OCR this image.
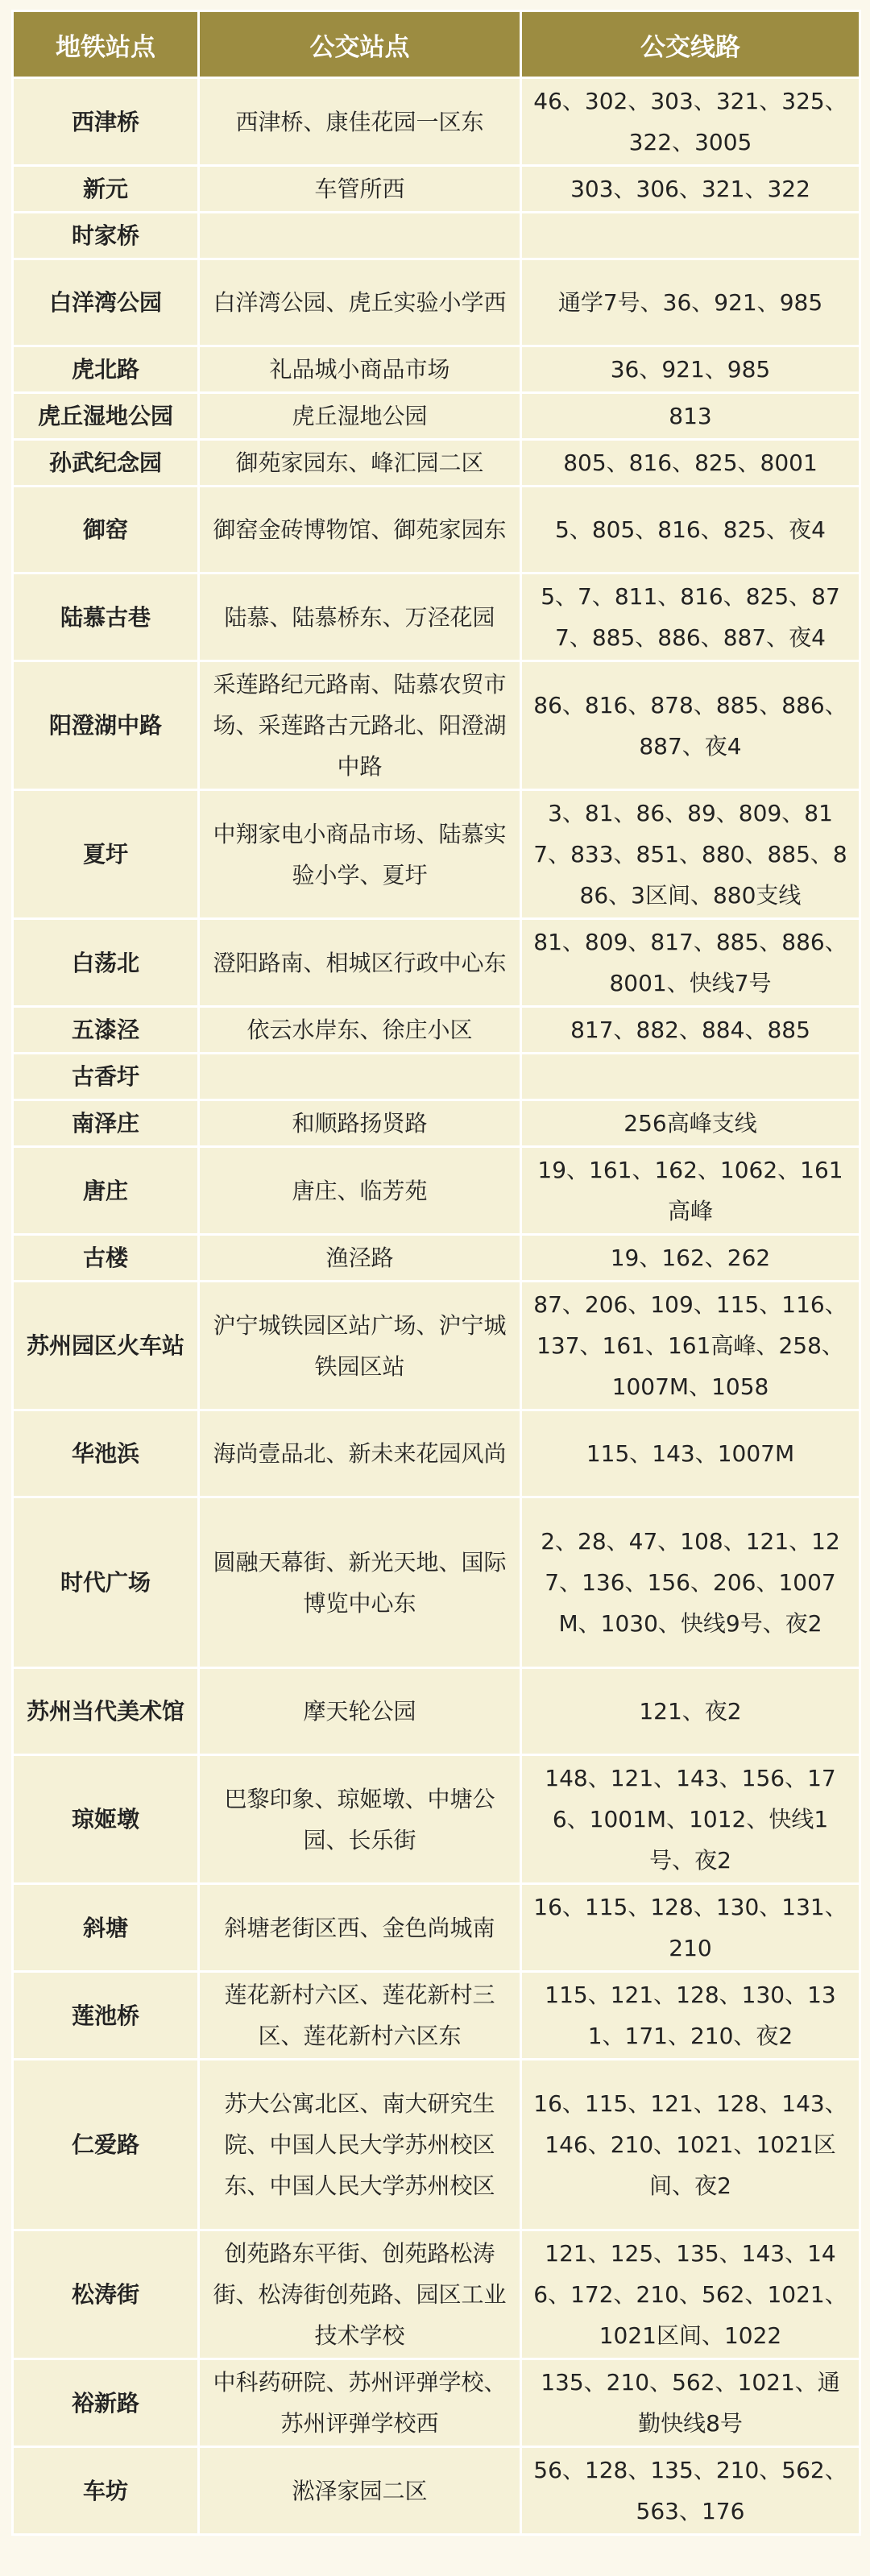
地铁站点	公交站点	公交线路
西津桥	西津桥、康佳花园一区东	46、302、303、321、325、322、3005
新元	车管所西	303、306、321、322
时家桥		
白洋湾公园	白洋湾公园、虎丘实验小学西	通学7号、36、921、985
虎北路	礼品城小商品市场	36、921、985
虎丘湿地公园	虎丘湿地公园	813
孙武纪念园	御苑家园东、峰汇园二区	805、816、825、8001
御窑	御窑金砖博物馆、御苑家园东	5、805、816、825、夜4
陆慕古巷	陆慕、陆慕桥东、万泾花园	5、7、811、816、825、877、885、886、887、夜4
阳澄湖中路	采莲路纪元路南、陆慕农贸市场、采莲路古元路北、阳澄湖中路	86、816、878、885、886、887、夜4
夏圩	中翔家电小商品市场、陆慕实验小学、夏圩	3、81、86、89、809、817、833、851、880、885、886、3区间、880支线
白荡北	澄阳路南、相城区行政中心东	81、809、817、885、886、8001、快线7号
五漆泾	依云水岸东、徐庄小区	817、882、884、885
古香圩		
南泽庄	和顺路扬贤路	256高峰支线
唐庄	唐庄、临芳苑	19、161、162、1062、161高峰
古楼	渔泾路	19、162、262
苏州园区火车站	沪宁城铁园区站广场、沪宁城铁园区站	87、206、109、115、116、137、161、161高峰、258、1007M、1058
华池浜	海尚壹品北、新未来花园风尚	115、143、1007M
时代广场	圆融天幕街、新光天地、国际博览中心东	2、28、47、108、121、127、136、156、206、1007M、1030、快线9号、夜2
苏州当代美术馆	摩天轮公园	121、夜2
琼姬墩	巴黎印象、琼姬墩、中塘公园、长乐街	148、121、143、156、176、1001M、1012、快线1号、夜2
斜塘	斜塘老街区西、金色尚城南	16、115、128、130、131、210
莲池桥	莲花新村六区、莲花新村三区、莲花新村六区东	115、121、128、130、131、171、210、夜2
仁爱路	苏大公寓北区、南大研究生院、中国人民大学苏州校区东、中国人民大学苏州校区	16、115、121、128、143、146、210、1021、1021区间、夜2
松涛街	创苑路东平街、创苑路松涛街、松涛街创苑路、园区工业技术学校	121、125、135、143、146、172、210、562、1021、1021区间、1022
裕新路	中科药研院、苏州评弹学校、苏州评弹学校西	135、210、562、1021、通勤快线8号
车坊	淞泽家园二区	56、128、135、210、562、563、176
